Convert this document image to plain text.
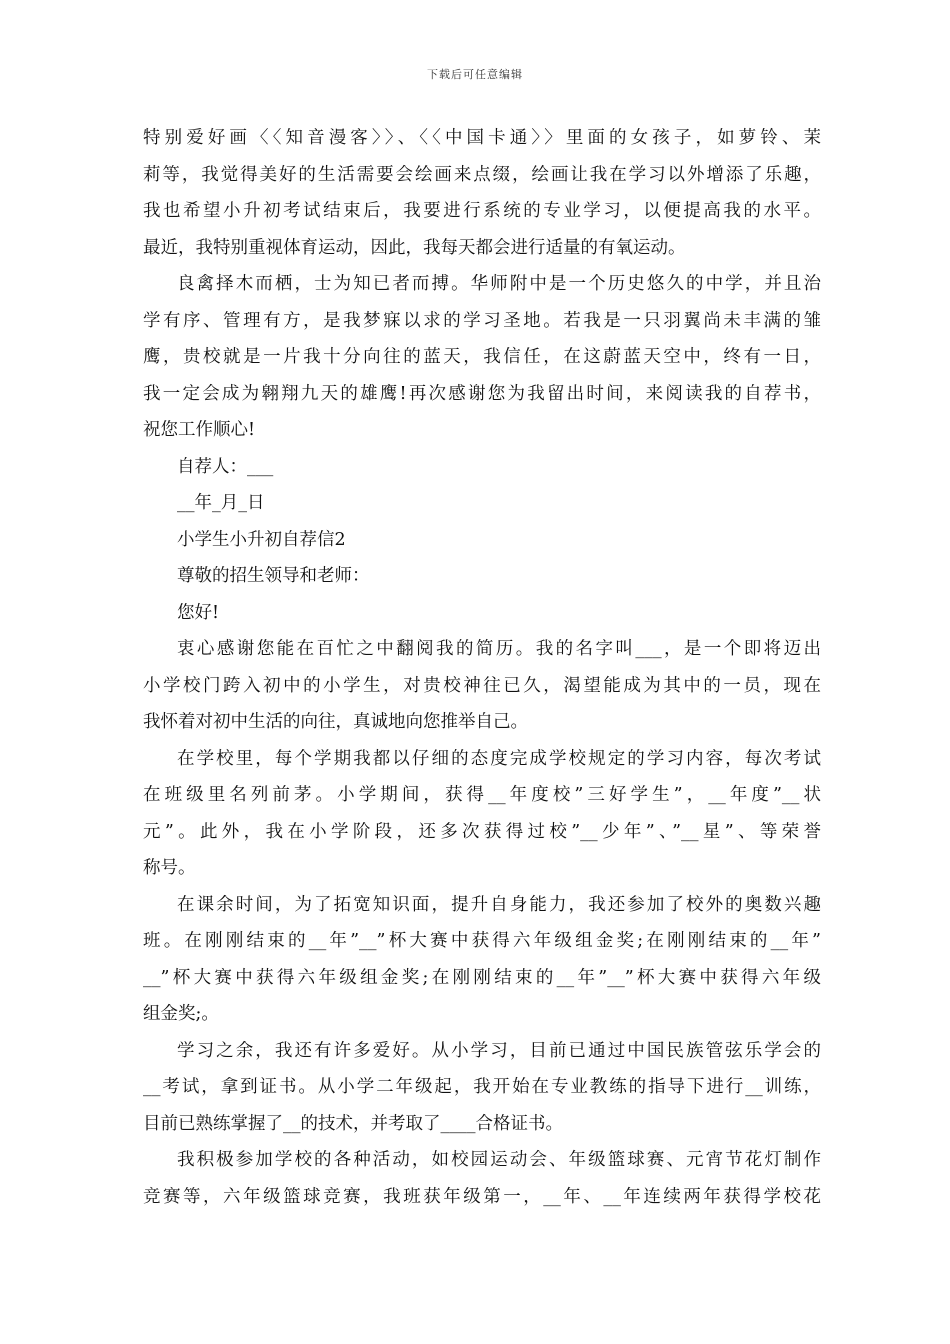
下载后可任意编辑
特别爱好画〈〈知音漫客〉〉、〈〈中国卡通〉〉里面的女孩子，如萝铃、茉
莉等，我觉得美好的生活需要会绘画来点缀，绘画让我在学习以外增添了乐趣，
我也希望小升初考试结束后，我要进行系统的专业学习，以便提高我的水平。
最近，我特别重视体育运动，因此，我每天都会进行适量的有氧运动。
良禽择木而栖，士为知已者而搏。华师附中是一个历史悠久的中学，并且治
学有序、管理有方，是我梦寐以求的学习圣地。若我是一只羽翼尚未丰满的雏
鹰，贵校就是一片我十分向往的蓝天，我信任，在这蔚蓝天空中，终有一日，
我一定会成为翱翔九天的雄鹰!再次感谢您为我留出时间，来阅读我的自荐书，
祝您工作顺心!
自荐人：___
__年_月_日
小学生小升初自荐信2
尊敬的招生领导和老师：
您好!
衷心感谢您能在百忙之中翻阅我的简历。我的名字叫___，是一个即将迈出
小学校门跨入初中的小学生，对贵校神往已久，渴望能成为其中的一员，现在
我怀着对初中生活的向往，真诚地向您推举自己。
在学校里，每个学期我都以仔细的态度完成学校规定的学习内容，每次考试
在班级里名列前茅。小学期间，获得__年度校”三好学生”，__年度”__状
元”。此外，我在小学阶段，还多次获得过校”__少年”、”__星”、等荣誉
称号。
在课余时间，为了拓宽知识面，提升自身能力，我还参加了校外的奥数兴趣
班。在刚刚结束的__年”__”杯大赛中获得六年级组金奖;在刚刚结束的__年”
__”杯大赛中获得六年级组金奖;在刚刚结束的__年”__”杯大赛中获得六年级
组金奖;。
学习之余，我还有许多爱好。从小学习，目前已通过中国民族管弦乐学会的
__考试，拿到证书。从小学二年级起，我开始在专业教练的指导下进行__训练，
目前已熟练掌握了__的技术，并考取了____合格证书。
我积极参加学校的各种活动，如校园运动会、年级篮球赛、元宵节花灯制作
竞赛等，六年级篮球竞赛，我班获年级第一，__年、__年连续两年获得学校花
